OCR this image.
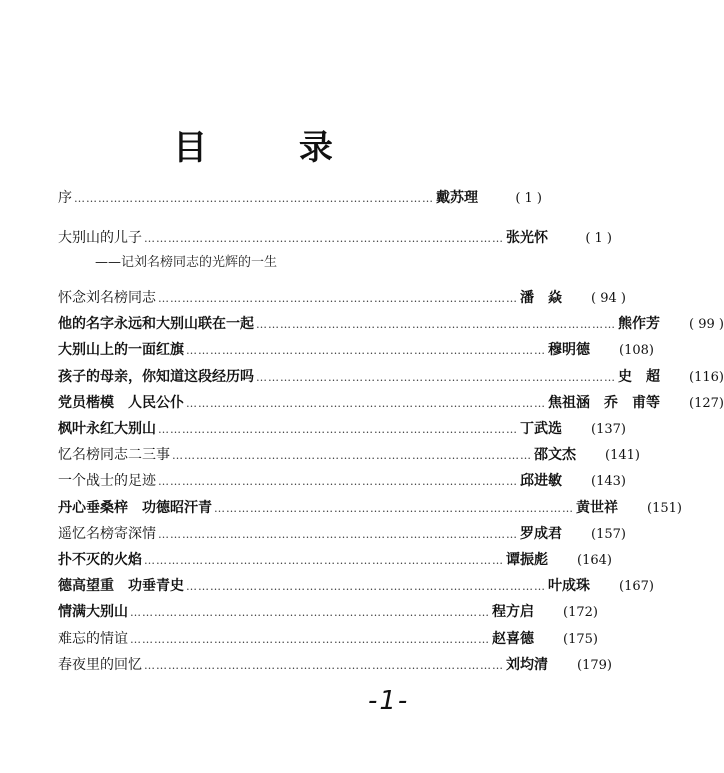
目 录
序 ……………………………………………………………………………… 戴苏理	( 1 )
大别山的儿子 ……………………………………………………………………………… 张光怀	( 1 )
——记刘名榜同志的光辉的一生
怀念刘名榜同志 ……………………………………………………………………………… 潘　焱	( 94 )
他的名字永远和大别山联在一起 ……………………………………………………………………………… 熊作芳	( 99 )
大别山上的一面红旗 ……………………………………………………………………………… 穆明德	(108)
孩子的母亲，你知道这段经历吗 ……………………………………………………………………………… 史　超	(116)
党员楷模　人民公仆 ……………………………………………………………………………… 焦祖涵　乔　甫等	(127)
枫叶永红大别山 ……………………………………………………………………………… 丁武选	(137)
忆名榜同志二三事 ……………………………………………………………………………… 邵文杰	(141)
一个战士的足迹 ……………………………………………………………………………… 邱进敏	(143)
丹心垂桑梓　功德昭汗青 ……………………………………………………………………………… 黄世祥	(151)
遥忆名榜寄深情 ……………………………………………………………………………… 罗成君	(157)
扑不灭的火焰 ……………………………………………………………………………… 谭振彪	(164)
德高望重　功垂青史 ……………………………………………………………………………… 叶成珠	(167)
情满大别山 ……………………………………………………………………………… 程方启	(172)
难忘的情谊 ……………………………………………………………………………… 赵喜德	(175)
春夜里的回忆 ……………………………………………………………………………… 刘均清	(179)
-1-
